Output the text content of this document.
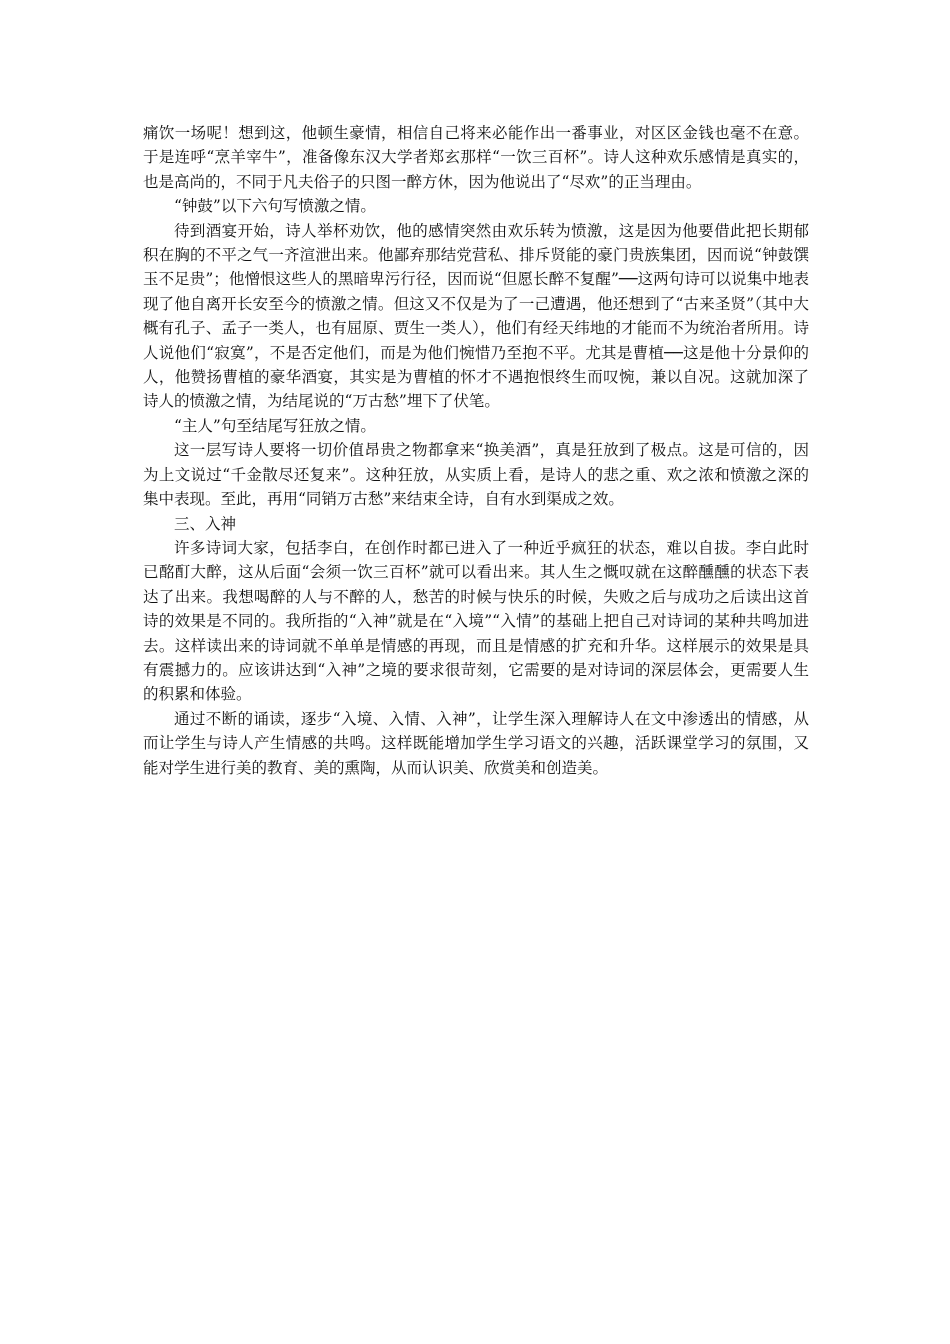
痛饮一场呢！想到这，他顿生豪情，相信自己将来必能作出一番事业，对区区金钱也毫不在意。于是连呼“烹羊宰牛”，准备像东汉大学者郑玄那样“一饮三百杯”。诗人这种欢乐感情是真实的，也是高尚的，不同于凡夫俗子的只图一醉方休，因为他说出了“尽欢”的正当理由。

“钟鼓”以下六句写愤激之情。

待到酒宴开始，诗人举杯劝饮，他的感情突然由欢乐转为愤激，这是因为他要借此把长期郁积在胸的不平之气一齐渲泄出来。他鄙弃那结党营私、排斥贤能的豪门贵族集团，因而说“钟鼓馔玉不足贵”；他憎恨这些人的黑暗卑污行径，因而说“但愿长醉不复醒”──这两句诗可以说集中地表现了他自离开长安至今的愤激之情。但这又不仅是为了一己遭遇，他还想到了“古来圣贤”（其中大概有孔子、孟子一类人，也有屈原、贾生一类人），他们有经天纬地的才能而不为统治者所用。诗人说他们“寂寞”，不是否定他们，而是为他们惋惜乃至抱不平。尤其是曹植──这是他十分景仰的人，他赞扬曹植的豪华酒宴，其实是为曹植的怀才不遇抱恨终生而叹惋，兼以自况。这就加深了诗人的愤激之情，为结尾说的“万古愁”埋下了伏笔。

“主人”句至结尾写狂放之情。

这一层写诗人要将一切价值昂贵之物都拿来“换美酒”，真是狂放到了极点。这是可信的，因为上文说过“千金散尽还复来”。这种狂放，从实质上看，是诗人的悲之重、欢之浓和愤激之深的集中表现。至此，再用“同销万古愁”来结束全诗，自有水到渠成之效。

三、入神

许多诗词大家，包括李白，在创作时都已进入了一种近乎疯狂的状态，难以自拔。李白此时已酩酊大醉，这从后面“会须一饮三百杯”就可以看出来。其人生之慨叹就在这醉醺醺的状态下表达了出来。我想喝醉的人与不醉的人，愁苦的时候与快乐的时候，失败之后与成功之后读出这首诗的效果是不同的。我所指的“入神”就是在“入境”“入情”的基础上把自己对诗词的某种共鸣加进去。这样读出来的诗词就不单单是情感的再现，而且是情感的扩充和升华。这样展示的效果是具有震撼力的。应该讲达到“入神”之境的要求很苛刻，它需要的是对诗词的深层体会，更需要人生的积累和体验。

通过不断的诵读，逐步“入境、入情、入神”，让学生深入理解诗人在文中渗透出的情感，从而让学生与诗人产生情感的共鸣。这样既能增加学生学习语文的兴趣，活跃课堂学习的氛围，又能对学生进行美的教育、美的熏陶，从而认识美、欣赏美和创造美。
